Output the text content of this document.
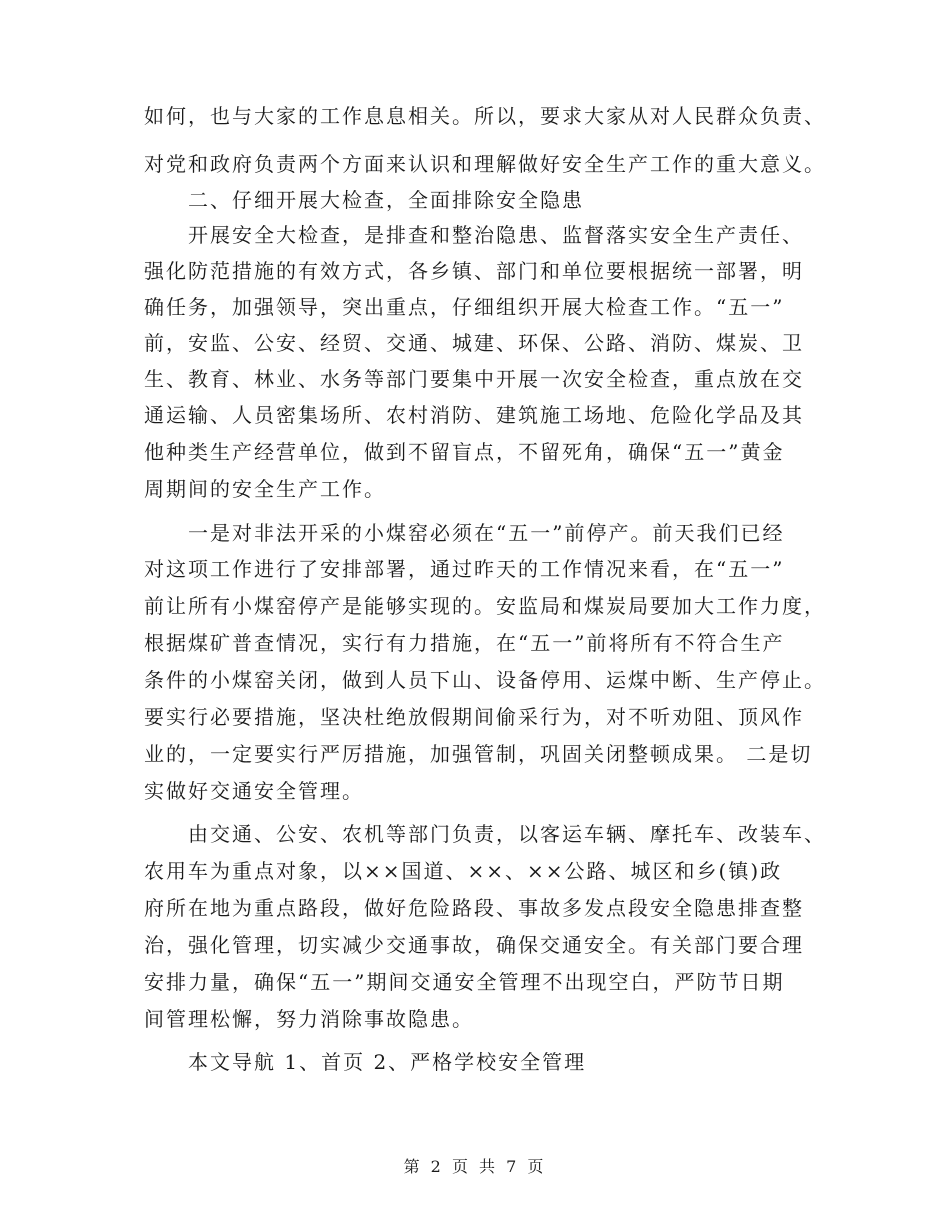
如何，也与大家的工作息息相关。所以，要求大家从对人民群众负责、
对党和政府负责两个方面来认识和理解做好安全生产工作的重大意义。
二、仔细开展大检查，全面排除安全隐患
开展安全大检查，是排查和整治隐患、监督落实安全生产责任、
强化防范措施的有效方式，各乡镇、部门和单位要根据统一部署，明
确任务，加强领导，突出重点，仔细组织开展大检查工作。“五一”
前，安监、公安、经贸、交通、城建、环保、公路、消防、煤炭、卫
生、教育、林业、水务等部门要集中开展一次安全检查，重点放在交
通运输、人员密集场所、农村消防、建筑施工场地、危险化学品及其
他种类生产经营单位，做到不留盲点，不留死角，确保“五一”黄金
周期间的安全生产工作。
一是对非法开采的小煤窑必须在“五一”前停产。前天我们已经
对这项工作进行了安排部署，通过昨天的工作情况来看，在“五一”
前让所有小煤窑停产是能够实现的。安监局和煤炭局要加大工作力度，
根据煤矿普查情况，实行有力措施，在“五一”前将所有不符合生产
条件的小煤窑关闭，做到人员下山、设备停用、运煤中断、生产停止。
要实行必要措施，坚决杜绝放假期间偷采行为，对不听劝阻、顶风作
业的，一定要实行严厉措施，加强管制，巩固关闭整顿成果。 二是切
实做好交通安全管理。
由交通、公安、农机等部门负责，以客运车辆、摩托车、改装车、
农用车为重点对象，以××国道、××、××公路、城区和乡(镇)政
府所在地为重点路段，做好危险路段、事故多发点段安全隐患排查整
治，强化管理，切实减少交通事故，确保交通安全。有关部门要合理
安排力量，确保“五一”期间交通安全管理不出现空白，严防节日期
间管理松懈，努力消除事故隐患。
本文导航 1、首页 2、严格学校安全管理
第 2 页 共 7 页
